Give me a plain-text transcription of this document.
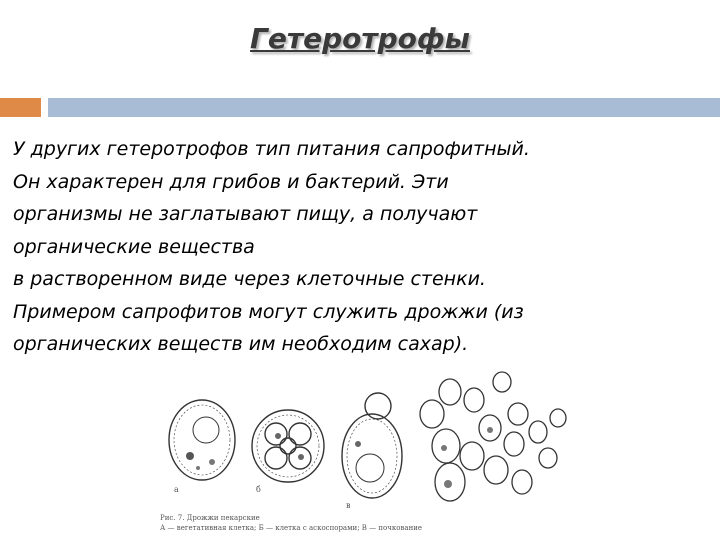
Гетеротрофы
У других гетеротрофов тип питания сапрофитный.
Он характерен для грибов и бактерий. Эти
организмы не заглатывают пищу, а получают
органические вещества
в растворенном виде через клеточные стенки.
Примером сапрофитов могут служить дрожжи (из
органических веществ им необходим сахар).
а	б
в
Рис. 7. Дрожжи пекарские
А — вегетативная клетка; Б — клетка с аскоспорами; В — почкование
